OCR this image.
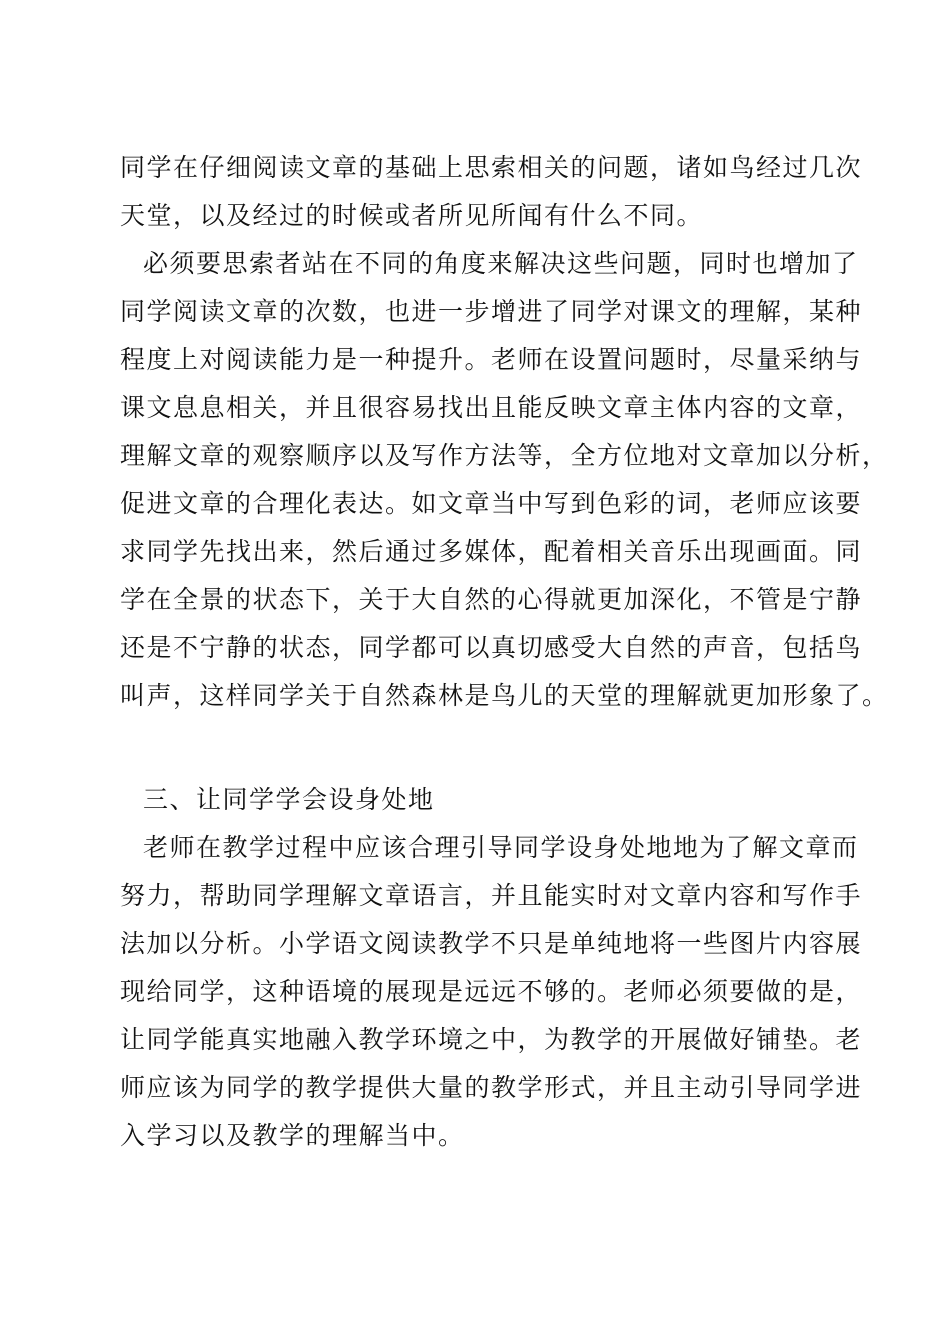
同学在仔细阅读文章的基础上思索相关的问题，诸如鸟经过几次
天堂，以及经过的时候或者所见所闻有什么不同。
必须要思索者站在不同的角度来解决这些问题，同时也增加了
同学阅读文章的次数，也进一步增进了同学对课文的理解，某种
程度上对阅读能力是一种提升。老师在设置问题时，尽量采纳与
课文息息相关，并且很容易找出且能反映文章主体内容的文章，
理解文章的观察顺序以及写作方法等，全方位地对文章加以分析，
促进文章的合理化表达。如文章当中写到色彩的词，老师应该要
求同学先找出来，然后通过多媒体，配着相关音乐出现画面。同
学在全景的状态下，关于大自然的心得就更加深化，不管是宁静
还是不宁静的状态，同学都可以真切感受大自然的声音，包括鸟
叫声，这样同学关于自然森林是鸟儿的天堂的理解就更加形象了。
三、让同学学会设身处地
老师在教学过程中应该合理引导同学设身处地地为了解文章而
努力，帮助同学理解文章语言，并且能实时对文章内容和写作手
法加以分析。小学语文阅读教学不只是单纯地将一些图片内容展
现给同学，这种语境的展现是远远不够的。老师必须要做的是，
让同学能真实地融入教学环境之中，为教学的开展做好铺垫。老
师应该为同学的教学提供大量的教学形式，并且主动引导同学进
入学习以及教学的理解当中。
